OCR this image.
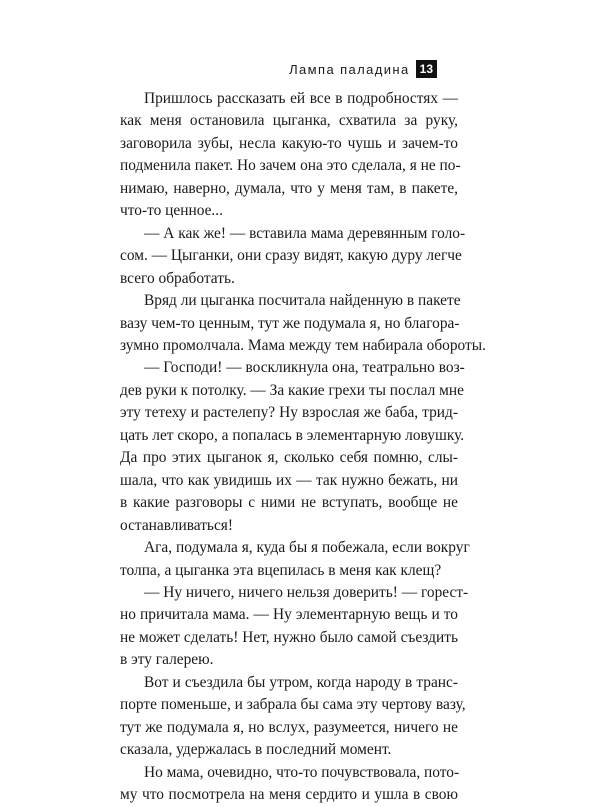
Лампа паладина 13
Пришлось рассказать ей все в подробностях —
как меня остановила цыганка, схватила за руку,
заговорила зубы, несла какую-то чушь и зачем-то
подменила пакет. Но зачем она это сделала, я не по-
нимаю, наверно, думала, что у меня там, в пакете,
что-то ценное...
— А как же! — вставила мама деревянным голо-
сом. — Цыганки, они сразу видят, какую дуру легче
всего обработать.
Вряд ли цыганка посчитала найденную в пакете
вазу чем-то ценным, тут же подумала я, но благора-
зумно промолчала. Мама между тем набирала обороты.
— Господи! — воскликнула она, театрально воз-
дев руки к потолку. — За какие грехи ты послал мне
эту тетеху и растелепу? Ну взрослая же баба, трид-
цать лет скоро, а попалась в элементарную ловушку.
Да про этих цыганок я, сколько себя помню, слы-
шала, что как увидишь их — так нужно бежать, ни
в какие разговоры с ними не вступать, вообще не
останавливаться!
Ага, подумала я, куда бы я побежала, если вокруг
толпа, а цыганка эта вцепилась в меня как клещ?
— Ну ничего, ничего нельзя доверить! — горест-
но причитала мама. — Ну элементарную вещь и то
не может сделать! Нет, нужно было самой съездить
в эту галерею.
Вот и съездила бы утром, когда народу в транс-
порте поменьше, и забрала бы сама эту чертову вазу,
тут же подумала я, но вслух, разумеется, ничего не
сказала, удержалась в последний момент.
Но мама, очевидно, что-то почувствовала, пото-
му что посмотрела на меня сердито и ушла в свою
